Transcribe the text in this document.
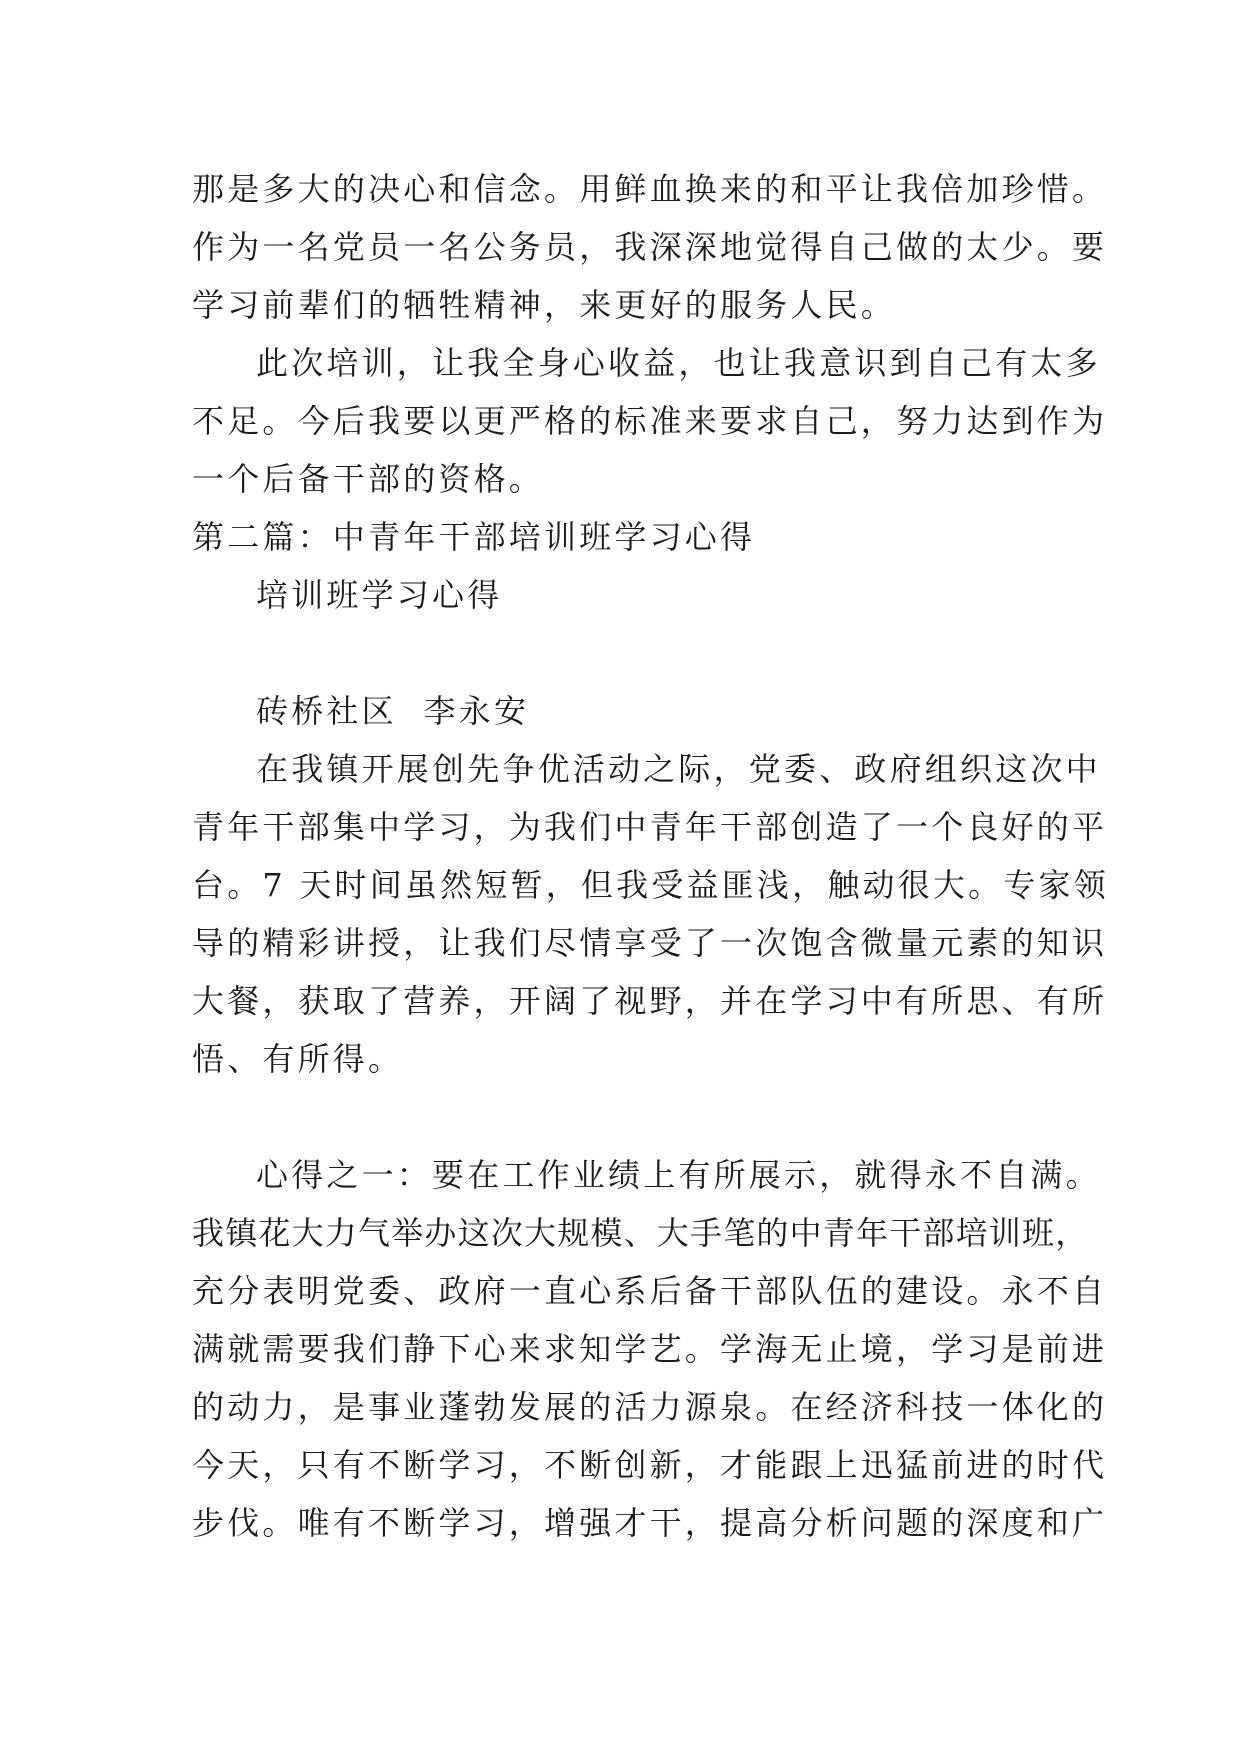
那是多大的决心和信念。用鲜血换来的和平让我倍加珍惜。
作为一名党员一名公务员，我深深地觉得自己做的太少。要
学习前辈们的牺牲精神，来更好的服务人民。
此次培训，让我全身心收益，也让我意识到自己有太多
不足。今后我要以更严格的标准来要求自己，努力达到作为
一个后备干部的资格。
第二篇：中青年干部培训班学习心得
培训班学习心得
砖桥社区  李永安
在我镇开展创先争优活动之际，党委、政府组织这次中
青年干部集中学习，为我们中青年干部创造了一个良好的平
台。7 天时间虽然短暂，但我受益匪浅，触动很大。专家领
导的精彩讲授，让我们尽情享受了一次饱含微量元素的知识
大餐，获取了营养，开阔了视野，并在学习中有所思、有所
悟、有所得。
心得之一：要在工作业绩上有所展示，就得永不自满。
我镇花大力气举办这次大规模、大手笔的中青年干部培训班，
充分表明党委、政府一直心系后备干部队伍的建设。永不自
满就需要我们静下心来求知学艺。学海无止境，学习是前进
的动力，是事业蓬勃发展的活力源泉。在经济科技一体化的
今天，只有不断学习，不断创新，才能跟上迅猛前进的时代
步伐。唯有不断学习，增强才干，提高分析问题的深度和广
